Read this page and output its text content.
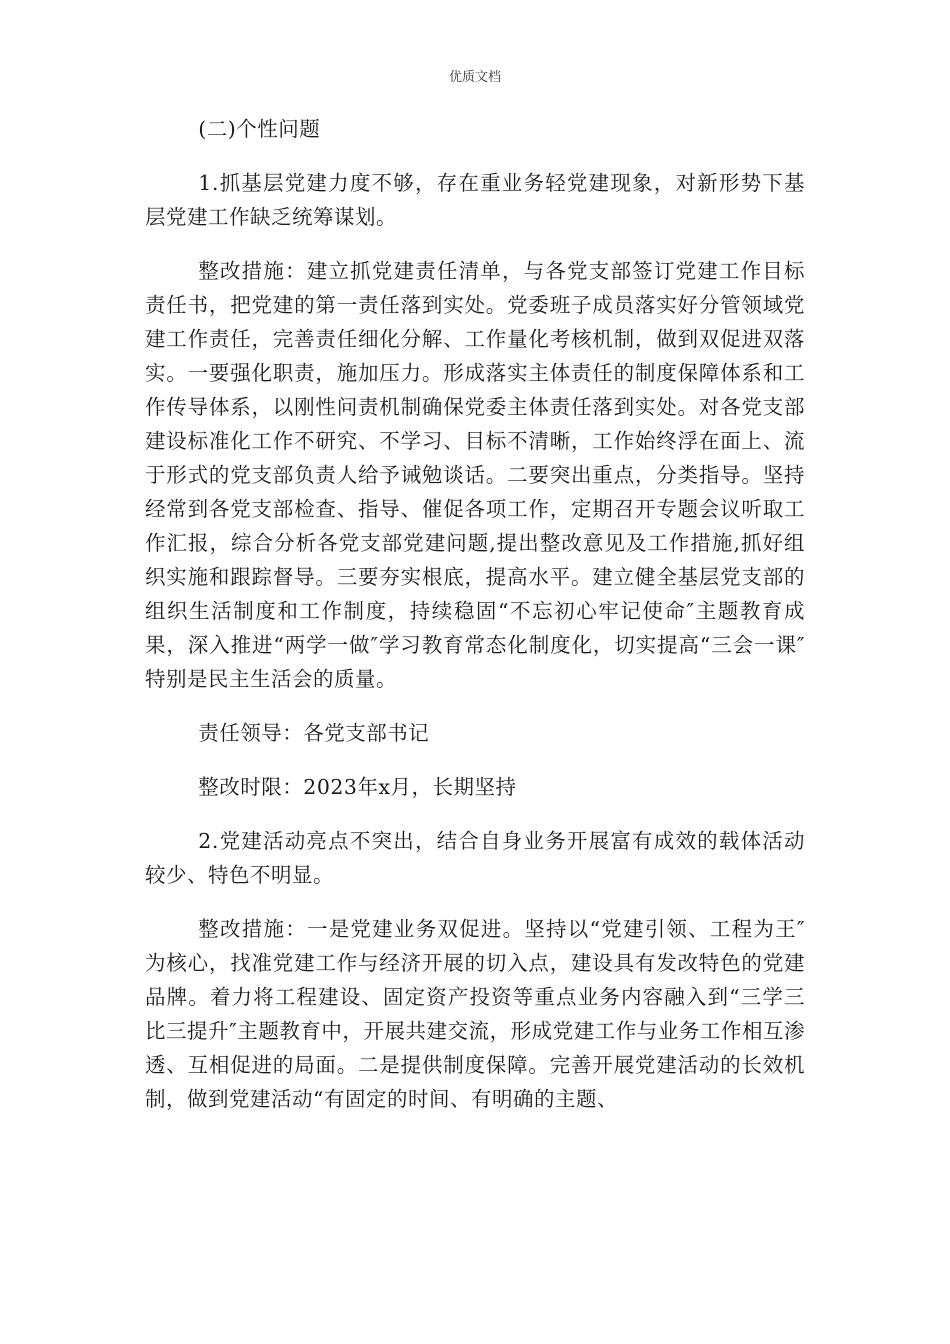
优质文档

(二)个性问题

1.抓基层党建力度不够，存在重业务轻党建现象，对新形势下基层党建工作缺乏统筹谋划。

整改措施：建立抓党建责任清单，与各党支部签订党建工作目标责任书，把党建的第一责任落到实处。党委班子成员落实好分管领域党建工作责任，完善责任细化分解、工作量化考核机制，做到双促进双落实。一要强化职责，施加压力。形成落实主体责任的制度保障体系和工作传导体系，以刚性问责机制确保党委主体责任落到实处。对各党支部建设标准化工作不研究、不学习、目标不清晰，工作始终浮在面上、流于形式的党支部负责人给予诫勉谈话。二要突出重点，分类指导。坚持经常到各党支部检查、指导、催促各项工作，定期召开专题会议听取工作汇报，综合分析各党支部党建问题,提出整改意见及工作措施,抓好组织实施和跟踪督导。三要夯实根底，提高水平。建立健全基层党支部的组织生活制度和工作制度，持续稳固“不忘初心牢记使命″主题教育成果，深入推进“两学一做″学习教育常态化制度化，切实提高“三会一课″特别是民主生活会的质量。

责任领导：各党支部书记

整改时限：2023年x月，长期坚持

2.党建活动亮点不突出，结合自身业务开展富有成效的载体活动较少、特色不明显。

整改措施：一是党建业务双促进。坚持以“党建引领、工程为王″为核心，找准党建工作与经济开展的切入点，建设具有发改特色的党建品牌。着力将工程建设、固定资产投资等重点业务内容融入到“三学三比三提升″主题教育中，开展共建交流，形成党建工作与业务工作相互渗透、互相促进的局面。二是提供制度保障。完善开展党建活动的长效机制，做到党建活动“有固定的时间、有明确的主题、
